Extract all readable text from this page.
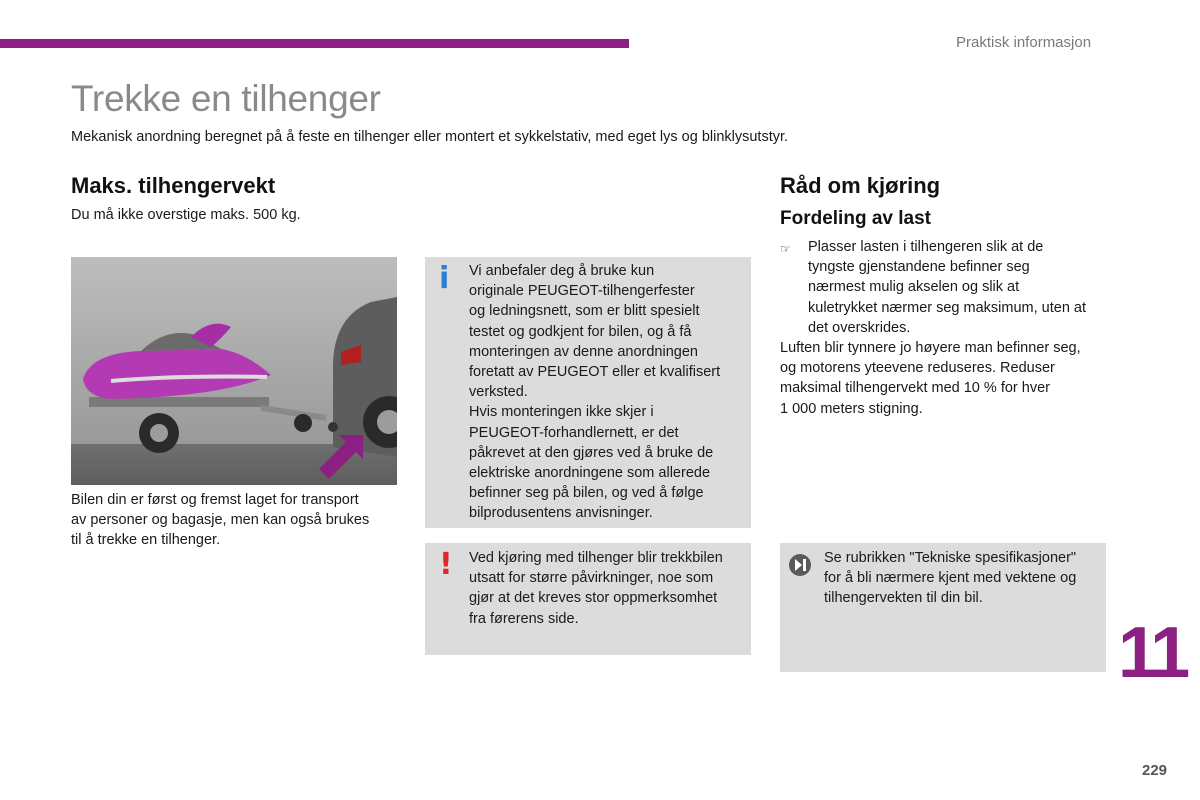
Praktisk informasjon
Trekke en tilhenger
Mekanisk anordning beregnet på å feste en tilhenger eller montert et sykkelstativ, med eget lys og blinklysutstyr.
Maks. tilhengervekt
Du må ikke overstige maks. 500 kg.
Bilen din er først og fremst laget for transport
av personer og bagasje, men kan også brukes
til å trekke en tilhenger.
i Vi anbefaler deg å bruke kun
originale PEUGEOT-tilhengerfester
og ledningsnett, som er blitt spesielt
testet og godkjent for bilen, og å få
monteringen av denne anordningen
foretatt av PEUGEOT eller et kvalifisert
verksted.
Hvis monteringen ikke skjer i
PEUGEOT-forhandlernett, er det
påkrevet at den gjøres ved å bruke de
elektriske anordningene som allerede
befinner seg på bilen, og ved å følge
bilprodusentens anvisninger.
! Ved kjøring med tilhenger blir trekkbilen
utsatt for større påvirkninger, noe som
gjør at det kreves stor oppmerksomhet
fra førerens side.
Råd om kjøring
Fordeling av last
☞	Plasser lasten i tilhengeren slik at de
tyngste gjenstandene befinner seg
nærmest mulig akselen og slik at
kuletrykket nærmer seg maksimum, uten at
det overskrides.
Luften blir tynnere jo høyere man befinner seg,
og motorens yteevene reduseres. Reduser
maksimal tilhengervekt med 10 % for hver
1 000 meters stigning.
Se rubrikken "Tekniske spesifikasjoner"
for å bli nærmere kjent med vektene og
tilhengervekten til din bil.
11
229
